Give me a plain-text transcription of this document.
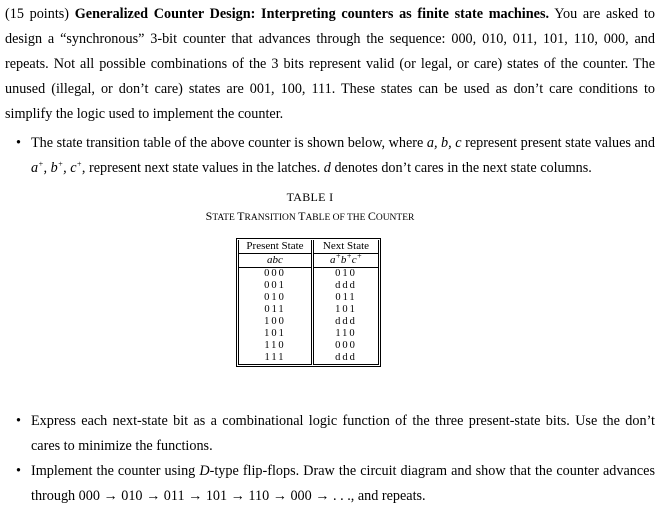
(15 points) Generalized Counter Design: Interpreting counters as finite state machines. You are asked to design a “synchronous” 3-bit counter that advances through the sequence: 000, 010, 011, 101, 110, 000, and repeats. Not all possible combinations of the 3 bits represent valid (or legal, or care) states of the counter. The unused (illegal, or don’t care) states are 001, 100, 111. These states can be used as don’t care conditions to simplify the logic used to implement the counter.
• The state transition table of the above counter is shown below, where a, b, c represent present state values and a+, b+, c+, represent next state values in the latches. d denotes don’t cares in the next state columns.
TABLE I
STATE TRANSITION TABLE OF THE COUNTER
Present State	Next State
abc	a+b+c+
000	010
001	ddd
010	011
011	101
100	ddd
101	110
110	000
111	ddd
• Express each next-state bit as a combinational logic function of the three present-state bits. Use the don’t cares to minimize the functions.
• Implement the counter using D-type flip-flops. Draw the circuit diagram and show that the counter advances through 000 → 010 → 011 → 101 → 110 → 000 → . . ., and repeats.
